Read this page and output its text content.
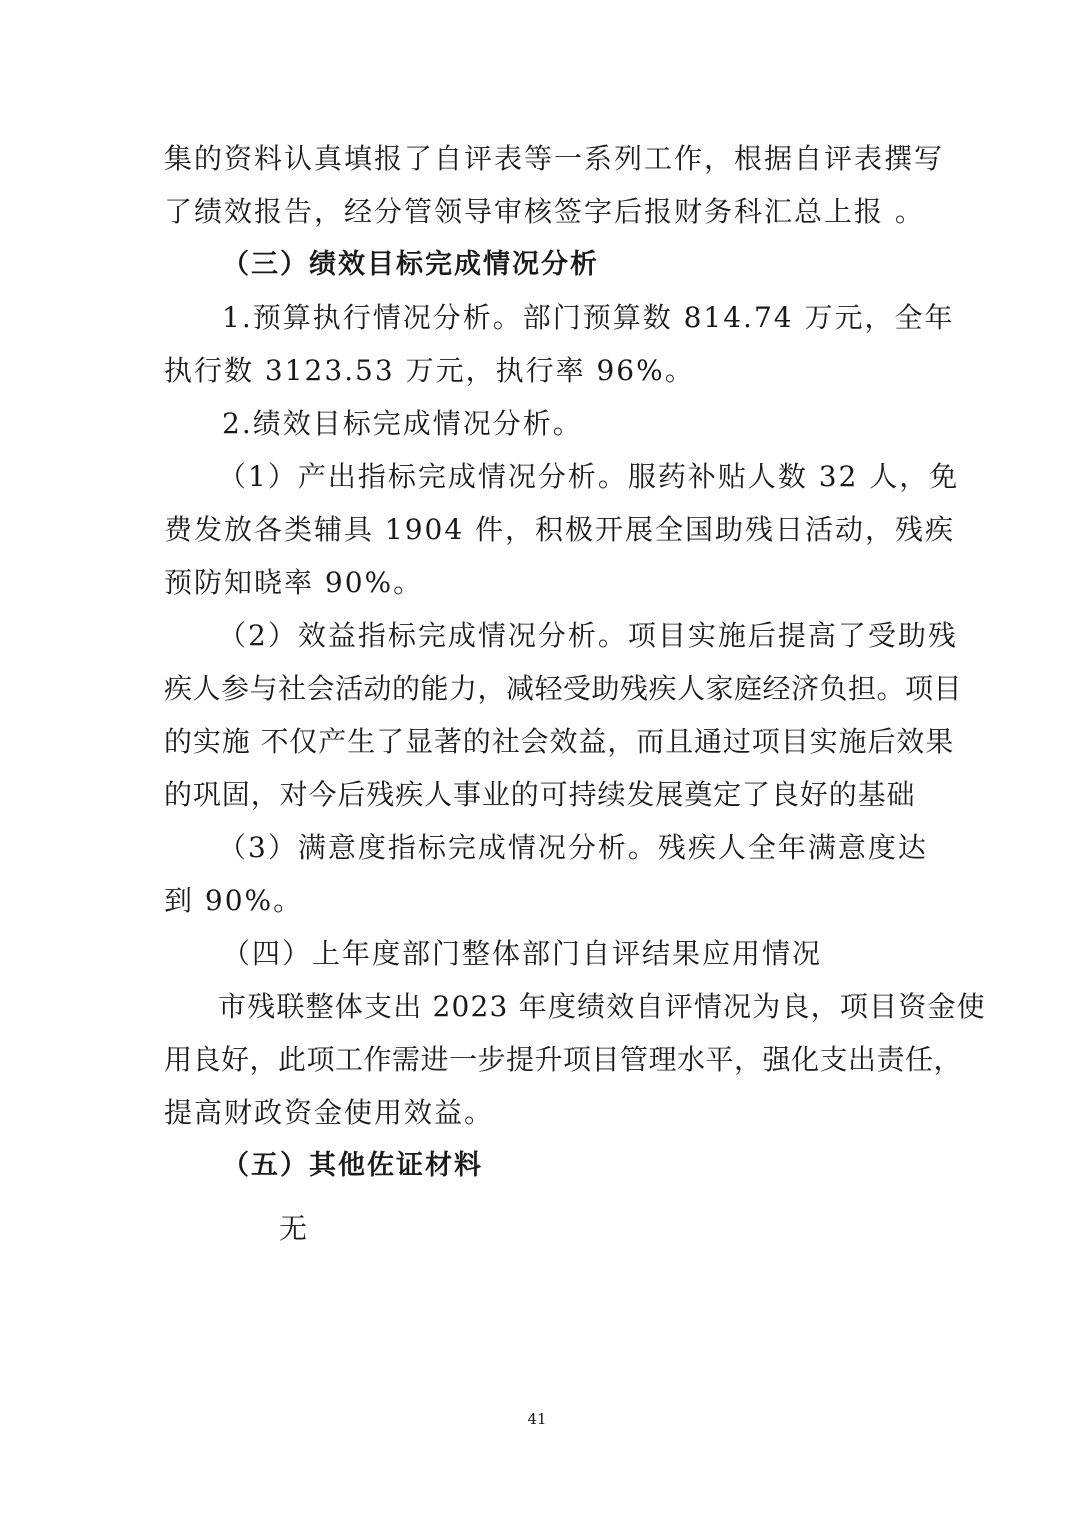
集的资料认真填报了自评表等一系列工作，根据自评表撰写
了绩效报告，经分管领导审核签字后报财务科汇总上报 。

（三）绩效目标完成情况分析

1.预算执行情况分析。部门预算数 814.74 万元，全年
执行数 3123.53 万元，执行率 96%。

2.绩效目标完成情况分析。

（1）产出指标完成情况分析。服药补贴人数 32 人，免
费发放各类辅具 1904 件，积极开展全国助残日活动，残疾
预防知晓率 90%。

（2）效益指标完成情况分析。项目实施后提高了受助残
疾人参与社会活动的能力，减轻受助残疾人家庭经济负担。项目
的实施 不仅产生了显著的社会效益，而且通过项目实施后效果
的巩固，对今后残疾人事业的可持续发展奠定了良好的基础

（3）满意度指标完成情况分析。残疾人全年满意度达
到 90%。

（四）上年度部门整体部门自评结果应用情况

市残联整体支出 2023 年度绩效自评情况为良，项目资金使
用良好，此项工作需进一步提升项目管理水平，强化支出责任，
提高财政资金使用效益。

（五）其他佐证材料

无

41
